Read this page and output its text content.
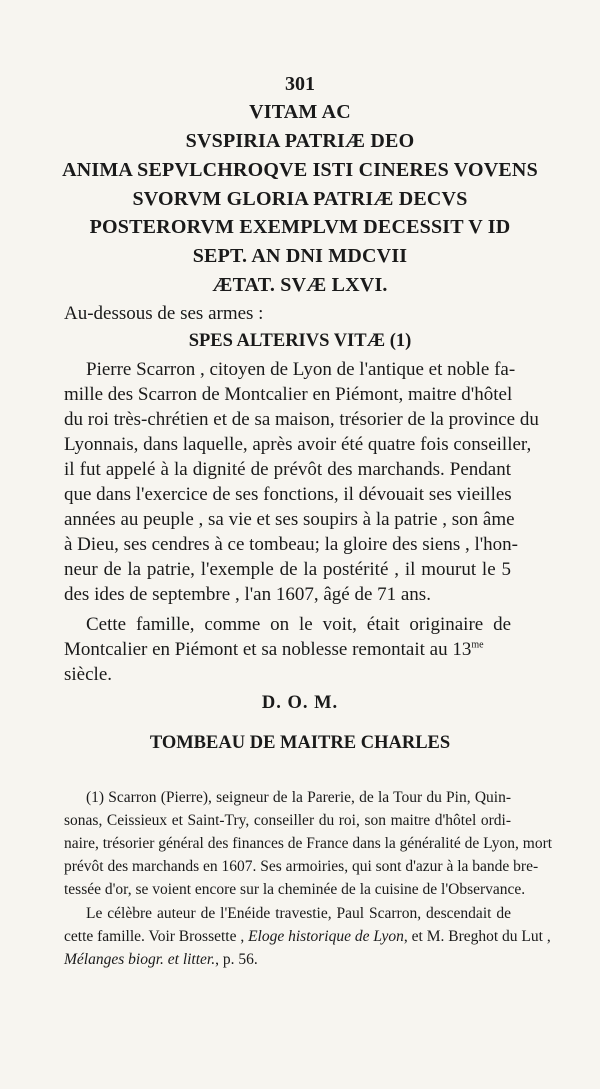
301
VITAM AC
SVSPIRIA PATRIÆ DEO
ANIMA SEPVLCHROQVE ISTI CINERES VOVENS
SVORVM GLORIA PATRIÆ DECVS
POSTERORVM EXEMPLVM DECESSIT V ID
SEPT. AN DNI MDCVII
ÆTAT. SVÆ LXVI.
Au-dessous de ses armes :
SPES ALTERIVS VITÆ (1)
Pierre Scarron , citoyen de Lyon de l'antique et noble fa-
mille des Scarron de Montcalier en Piémont, maitre d'hôtel
du roi très-chrétien et de sa maison, trésorier de la province du
Lyonnais, dans laquelle, après avoir été quatre fois conseiller,
il fut appelé à la dignité de prévôt des marchands. Pendant
que dans l'exercice de ses fonctions, il dévouait ses vieilles
années au peuple , sa vie et ses soupirs à la patrie , son âme
à Dieu, ses cendres à ce tombeau; la gloire des siens , l'hon-
neur de la patrie, l'exemple de la postérité , il mourut le 5
des ides de septembre , l'an 1607, âgé de 71 ans.
Cette famille, comme on le voit, était originaire de
Montcalier en Piémont et sa noblesse remontait au $13^{me}$
siècle.
D. O. M.
TOMBEAU DE MAITRE CHARLES
(1) Scarron (Pierre), seigneur de la Parerie, de la Tour du Pin, Quin-
sonas, Ceissieux et Saint-Try, conseiller du roi, son maitre d'hôtel ordi-
naire, trésorier général des finances de France dans la généralité de Lyon, mort
prévôt des marchands en 1607. Ses armoiries, qui sont d'azur à la bande bre-
tessée d'or, se voient encore sur la cheminée de la cuisine de l'Observance.
Le célèbre auteur de l'Enéide travestie, Paul Scarron, descendait de
cette famille. Voir Brossette , Eloge historique de Lyon, et M. Breghot du Lut ,
Mélanges biogr. et litter., p. 56.
